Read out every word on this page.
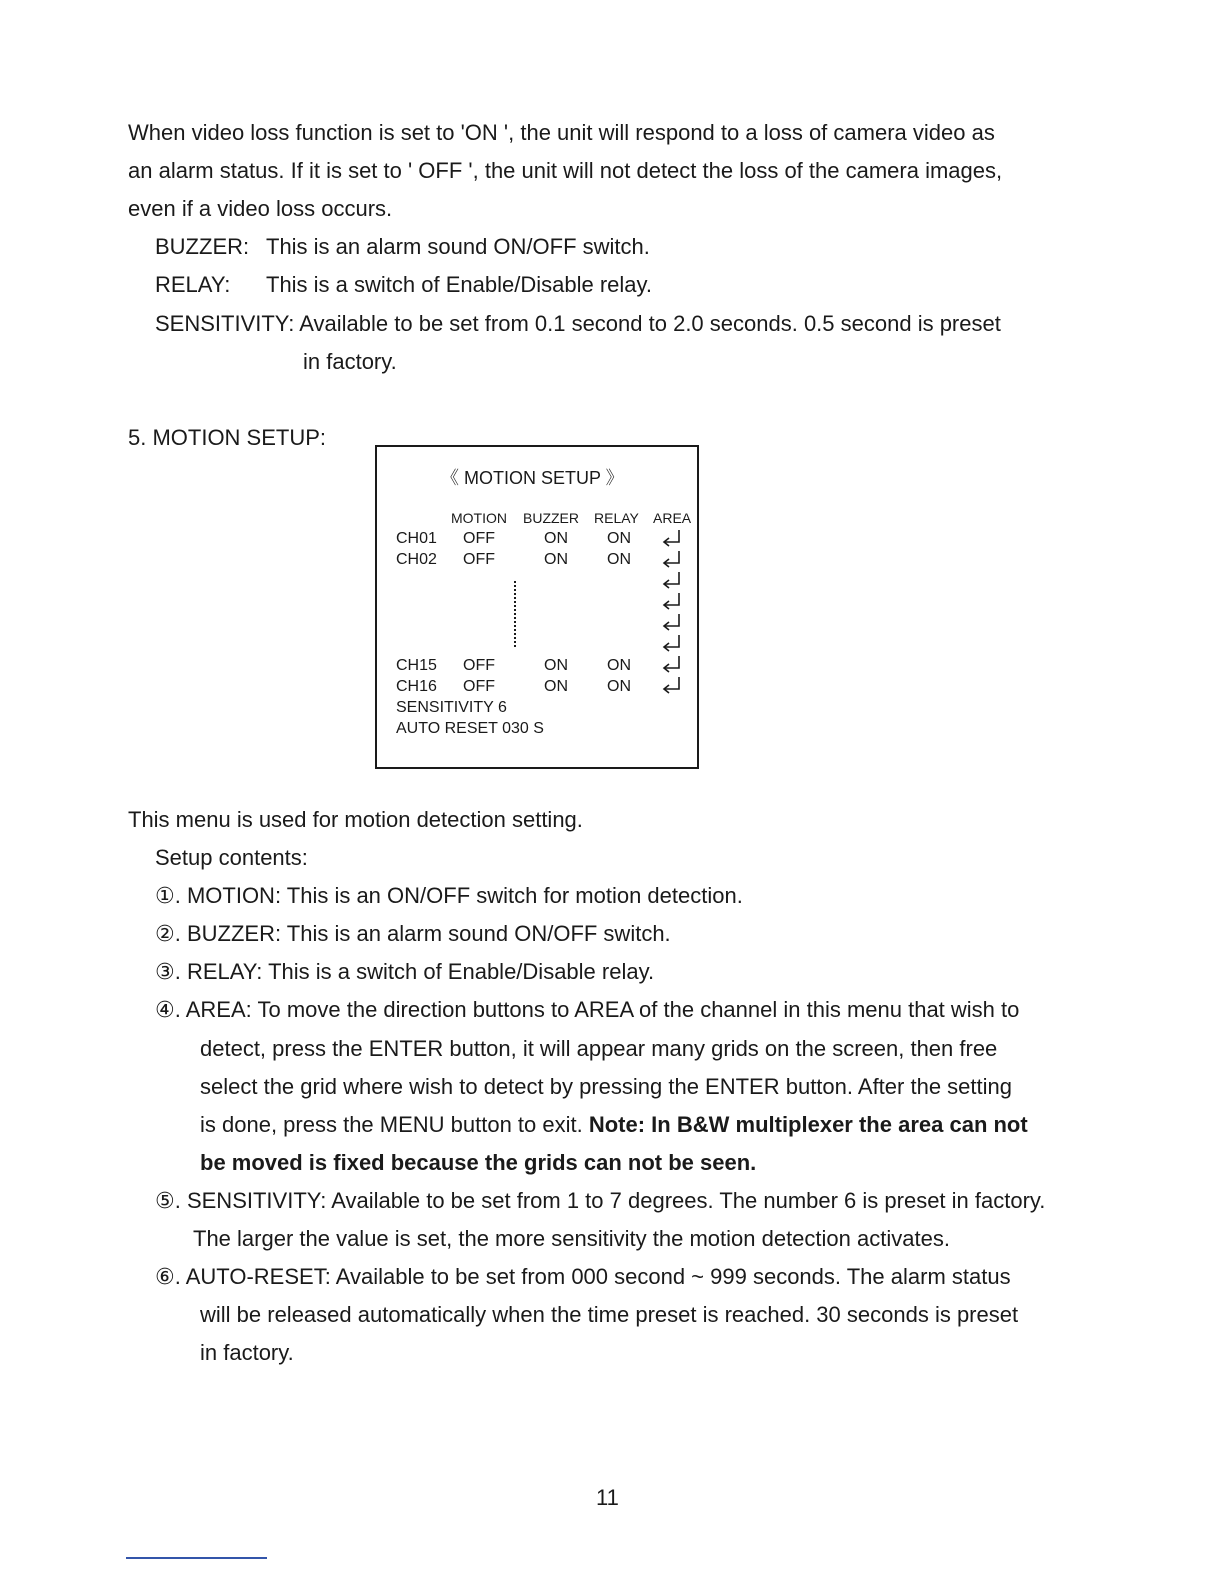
When video loss function is set to 'ON ', the unit will respond to a loss of camera video as
an alarm status. If it is set to ' OFF ', the unit will not detect the loss of the camera images,
even if a video loss occurs.
BUZZER: This is an alarm sound ON/OFF switch.
RELAY: This is a switch of Enable/Disable relay.
SENSITIVITY: Available to be set from 0.1 second to 2.0 seconds. 0.5 second is preset
in factory.
5. MOTION SETUP:
《 MOTION SETUP 》
MOTION BUZZER RELAY AREA
CH01 OFF	ON ON
CH02 OFF	ON ON
CH15 OFF	ON ON
CH16 OFF	ON ON
SENSITIVITY 6
AUTO RESET 030 S
This menu is used for motion detection setting.
Setup contents:
①. MOTION: This is an ON/OFF switch for motion detection.
②. BUZZER: This is an alarm sound ON/OFF switch.
③. RELAY: This is a switch of Enable/Disable relay.
④. AREA: To move the direction buttons to AREA of the channel in this menu that wish to
detect, press the ENTER button, it will appear many grids on the screen, then free
select the grid where wish to detect by pressing the ENTER button. After the setting
is done, press the MENU button to exit. Note: In B&W multiplexer the area can not
be moved is fixed because the grids can not be seen.
⑤. SENSITIVITY: Available to be set from 1 to 7 degrees. The number 6 is preset in factory.
The larger the value is set, the more sensitivity the motion detection activates.
⑥. AUTO-RESET: Available to be set from 000 second ~ 999 seconds. The alarm status
will be released automatically when the time preset is reached. 30 seconds is preset
in factory.
11
